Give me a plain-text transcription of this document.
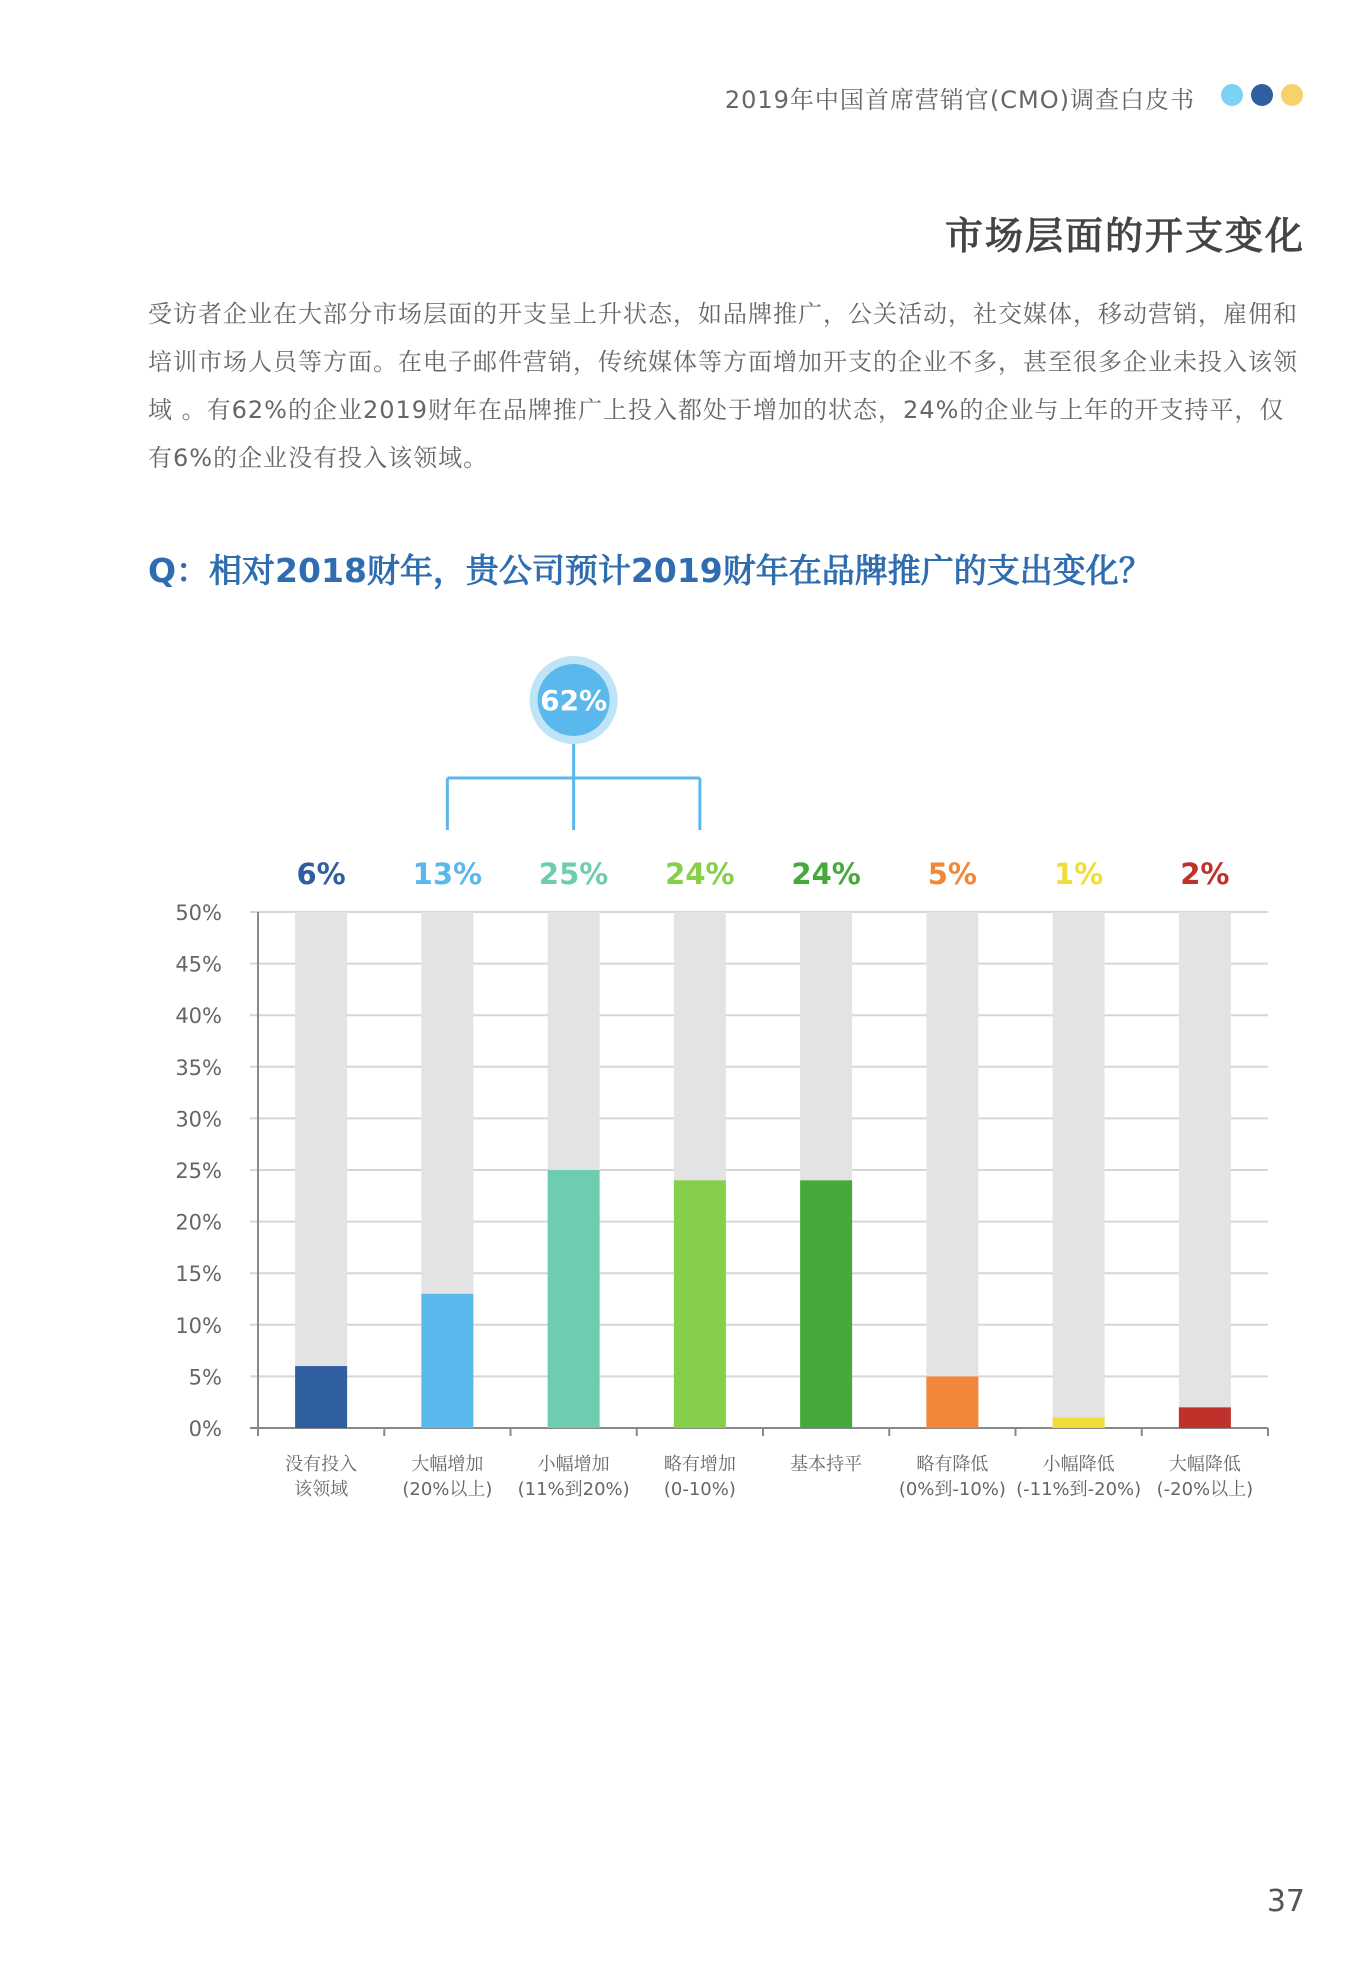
2019年中国首席营销官(CMO)调查白皮书
市场层面的开支变化
受访者企业在大部分市场层面的开支呈上升状态，如品牌推广，公关活动，社交媒体，移动营销，雇佣和培训市场人员等方面。在电子邮件营销，传统媒体等方面增加开支的企业不多，甚至很多企业未投入该领域 。有62%的企业2019财年在品牌推广上投入都处于增加的状态，24%的企业与上年的开支持平，仅有6%的企业没有投入该领域。
Q：相对2018财年，贵公司预计2019财年在品牌推广的支出变化？
0%
5%
10%
15%
20%
25%
30%
35%
40%
45%
50%
6%
没有投入
该领域
13%
大幅增加
(20%以上)
25%
小幅增加
(11%到20%)
24%
略有增加
(0-10%)
24%
基本持平
5%
略有降低
(0%到-10%)
1%
小幅降低
(-11%到-20%)
2%
大幅降低
(-20%以上)
62%
37
